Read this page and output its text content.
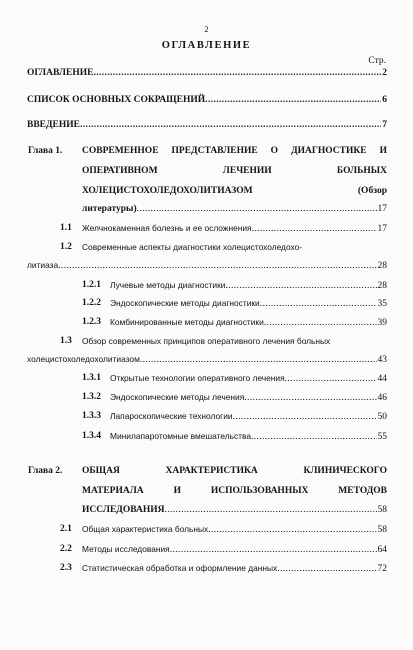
2
ОГЛАВЛЕНИЕ
Стр.
ОГЛАВЛЕНИЕ .....	2
СПИСОК ОСНОВНЫХ СОКРАЩЕНИЙ .....	6
ВВЕДЕНИЕ .....	7
Глава 1. СОВРЕМЕННОЕ ПРЕДСТАВЛЕНИЕ О ДИАГНОСТИКЕ И
ОПЕРАТИВНОМ ЛЕЧЕНИИ БОЛЬНЫХ
ХОЛЕЦИСТОХОЛЕДОХОЛИТИАЗОМ (Обзор
литературы) .....	17
1.1 Желчнокаменная болезнь и ее осложнения .....	17
1.2 Современные аспекты диагностики холецистохоледохо-
литиаза .....	28
1.2.1 Лучевые методы диагностики .....	28
1.2.2 Эндоскопические методы диагностики .....	35
1.2.3 Комбинированные методы диагностики .....	39
1.3 Обзор современных принципов оперативного лечения больных
холецистохоледохолитиазом .....	43
1.3.1 Открытые технологии оперативного лечения .....	44
1.3.2 Эндоскопические методы лечения .....	46
1.3.3 Лапароскопические технологии .....	50
1.3.4 Минилапаротомные вмешательства .....	55
Глава 2. ОБЩАЯ ХАРАКТЕРИСТИКА КЛИНИЧЕСКОГО
МАТЕРИАЛА И ИСПОЛЬЗОВАННЫХ МЕТОДОВ
ИССЛЕДОВАНИЯ .....	58
2.1 Общая характеристика больных .....	58
2.2 Методы исследования .....	64
2.3 Статистическая обработка и оформление данных .....	72
